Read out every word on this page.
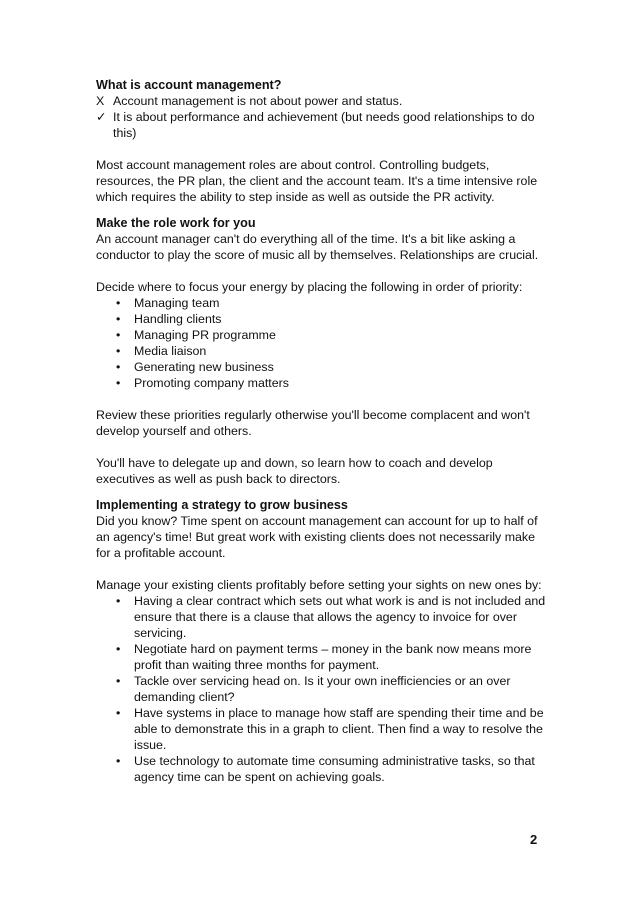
What is account management?
X Account management is not about power and status.
✓ It is about performance and achievement (but needs good relationships to do this)

Most account management roles are about control. Controlling budgets, resources, the PR plan, the client and the account team. It's a time intensive role which requires the ability to step inside as well as outside the PR activity.

Make the role work for you

An account manager can't do everything all of the time. It's a bit like asking a conductor to play the score of music all by themselves. Relationships are crucial.

Decide where to focus your energy by placing the following in order of priority:

• Managing team
• Handling clients
• Managing PR programme
• Media liaison
• Generating new business
• Promoting company matters

Review these priorities regularly otherwise you'll become complacent and won't develop yourself and others.

You'll have to delegate up and down, so learn how to coach and develop executives as well as push back to directors.

Implementing a strategy to grow business

Did you know? Time spent on account management can account for up to half of an agency's time! But great work with existing clients does not necessarily make for a profitable account.

Manage your existing clients profitably before setting your sights on new ones by:

• Having a clear contract which sets out what work is and is not included and ensure that there is a clause that allows the agency to invoice for over servicing.
• Negotiate hard on payment terms – money in the bank now means more profit than waiting three months for payment.
• Tackle over servicing head on. Is it your own inefficiencies or an over demanding client?
• Have systems in place to manage how staff are spending their time and be able to demonstrate this in a graph to client. Then find a way to resolve the issue.
• Use technology to automate time consuming administrative tasks, so that agency time can be spent on achieving goals.
2
